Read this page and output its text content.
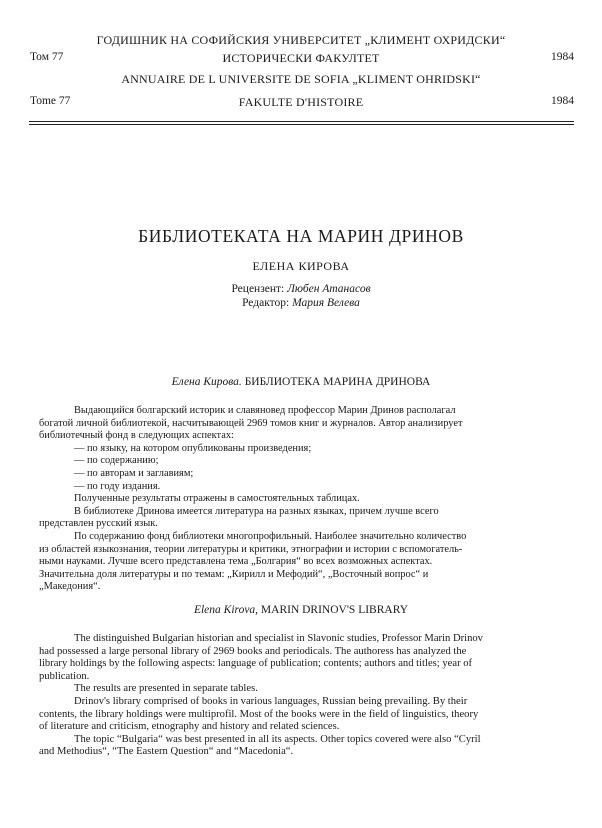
ГОДИШНИК НА СОФИЙСКИЯ УНИВЕРСИТЕТ „КЛИМЕНТ ОХРИДСКИ“
Том 77	ИСТОРИЧЕСКИ ФАКУЛТЕТ	1984
ANNUAIRE DE L UNIVERSITE DE SOFIA „KLIMENT OHRIDSKI“
Tome 77	FAKULTE D'HISTOIRE	1984
БИБЛИОТЕКАТА НА МАРИН ДРИНОВ
ЕЛЕНА КИРОВА
Рецензент: Любен Атанасов
Редактор: Мария Велева
Елена Кирова. БИБЛИОТЕКА МАРИНА ДРИНОВА
Выдающийся болгарский историк и славяновед профессор Марин Дринов располагал
богатой личной библиотекой, насчитывающей 2969 томов книг и журналов. Автор анализирует
библиотечный фонд в следующих аспектах:
— по языку, на котором опубликованы произведения;
— по содержанию;
— по авторам и заглавиям;
— по году издания.
Полученные результаты отражены в самостоятельных таблицах.
В библиотеке Дринова имеется литература на разных языках, причем лучше всего
представлен русский язык.
По содержанию фонд библиотеки многопрофильный. Наиболее значительно количество
из областей языкознания, теории литературы и критики, этнографии и истории с вспомогатель-
ными науками. Лучше всего представлена тема „Болгария“ во всех возможных аспектах.
Значительна доля литературы и по темам: „Кирилл и Мефодий“, „Восточный вопрос“ и
„Македония“.
Elena Kirova, MARIN DRINOV'S LIBRARY
The distinguished Bulgarian historian and specialist in Slavonic studies, Professor Marin Drinov
had possessed a large personal library of 2969 books and periodicals. The authoress has analyzed the
library holdings by the following aspects: language of publication; contents; authors and titles; year of
publication.
The results are presented in separate tables.
Drinov's library comprised of books in various languages, Russian being prevailing. By their
contents, the library holdings were multiprofil. Most of the books were in the field of linguistics, theory
of literature and criticism, etnography and history and related sciences.
The topic “Bulgaria“ was best presented in all its aspects. Other topics covered were also “Cyril
and Methodius“, “The Eastern Question“ and “Macedonia“.
